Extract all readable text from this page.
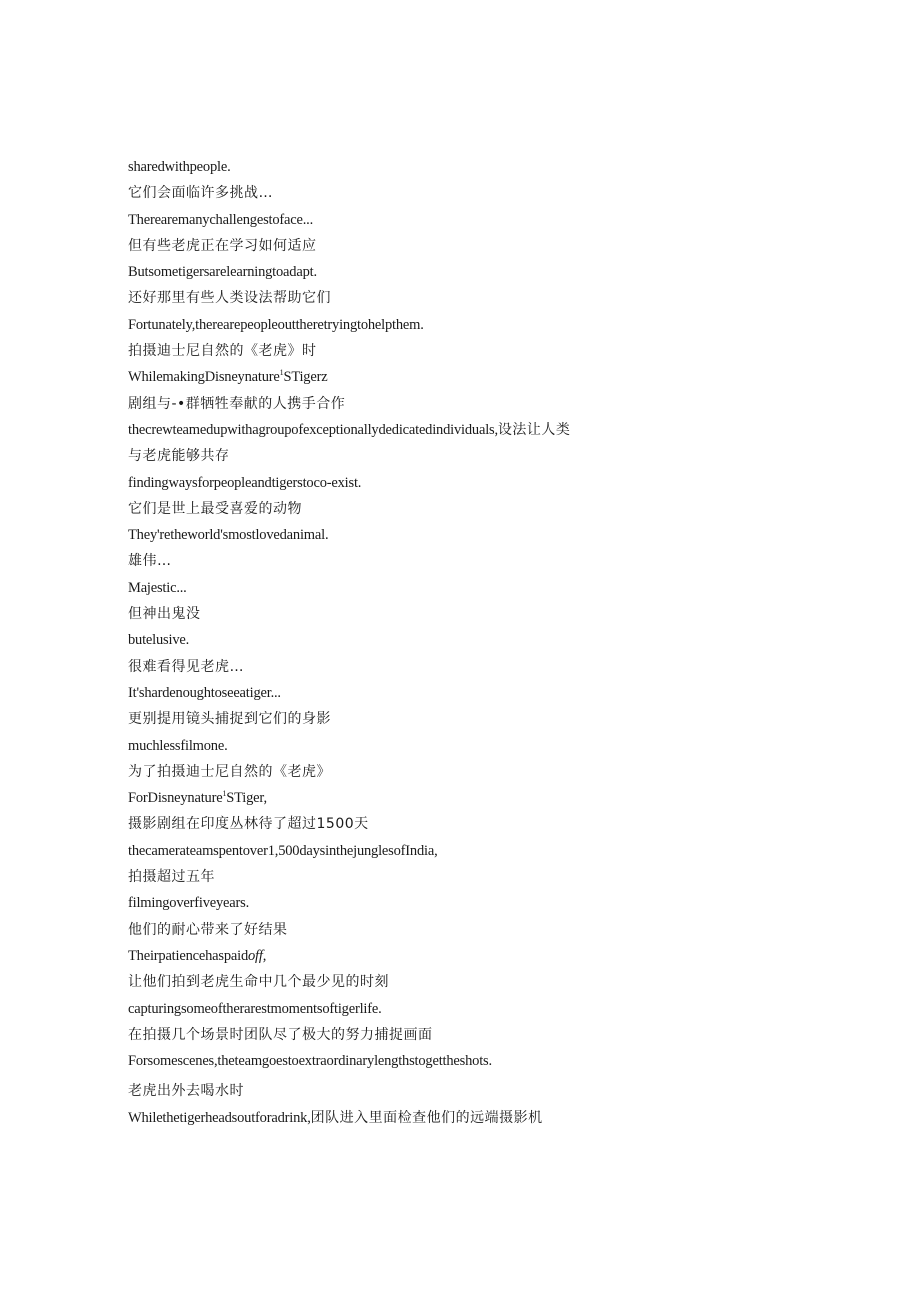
sharedwithpeople.
它们会面临许多挑战…
Therearemanychallengestoface...
但有些老虎正在学习如何适应
Butsometigersarelearningtoadapt.
还好那里有些人类设法帮助它们
Fortunately,therearepeopleouttheretryingtohelpthem.
拍摄迪士尼自然的《老虎》时
WhilemakingDisneynature$^1$STigerz
剧组与-•群牺牲奉献的人携手合作
thecrewteamedupwithagroupofexceptionallydedicatedindividuals,设法让人类
与老虎能够共存
findingwaysforpeopleandtigerstoco-exist.
它们是世上最受喜爱的动物
They'retheworld'smostlovedanimal.
雄伟…
Majestic...
但神出鬼没
butelusive.
很难看得见老虎…
It'shardenoughtoseeatiger...
更别提用镜头捕捉到它们的身影
muchlessfilmone.
为了拍摄迪士尼自然的《老虎》
ForDisneynature$^1$STiger,
摄影剧组在印度丛林待了超过1500天
thecamerateamspentover1,500daysinthejunglesofIndia,
拍摄超过五年
filmingoverfiveyears.
他们的耐心带来了好结果
Theirpatiencehaspaidoff,
让他们拍到老虎生命中几个最少见的时刻
capturingsomeoftherarestmomentsoftigerlife.
在拍摄几个场景时团队尽了极大的努力捕捉画面
Forsomescenes,theteamgoestoextraordinarylengthstogettheshots.
老虎出外去喝水时
Whilethetigerheadsoutforadrink,团队进入里面检查他们的远端摄影机
